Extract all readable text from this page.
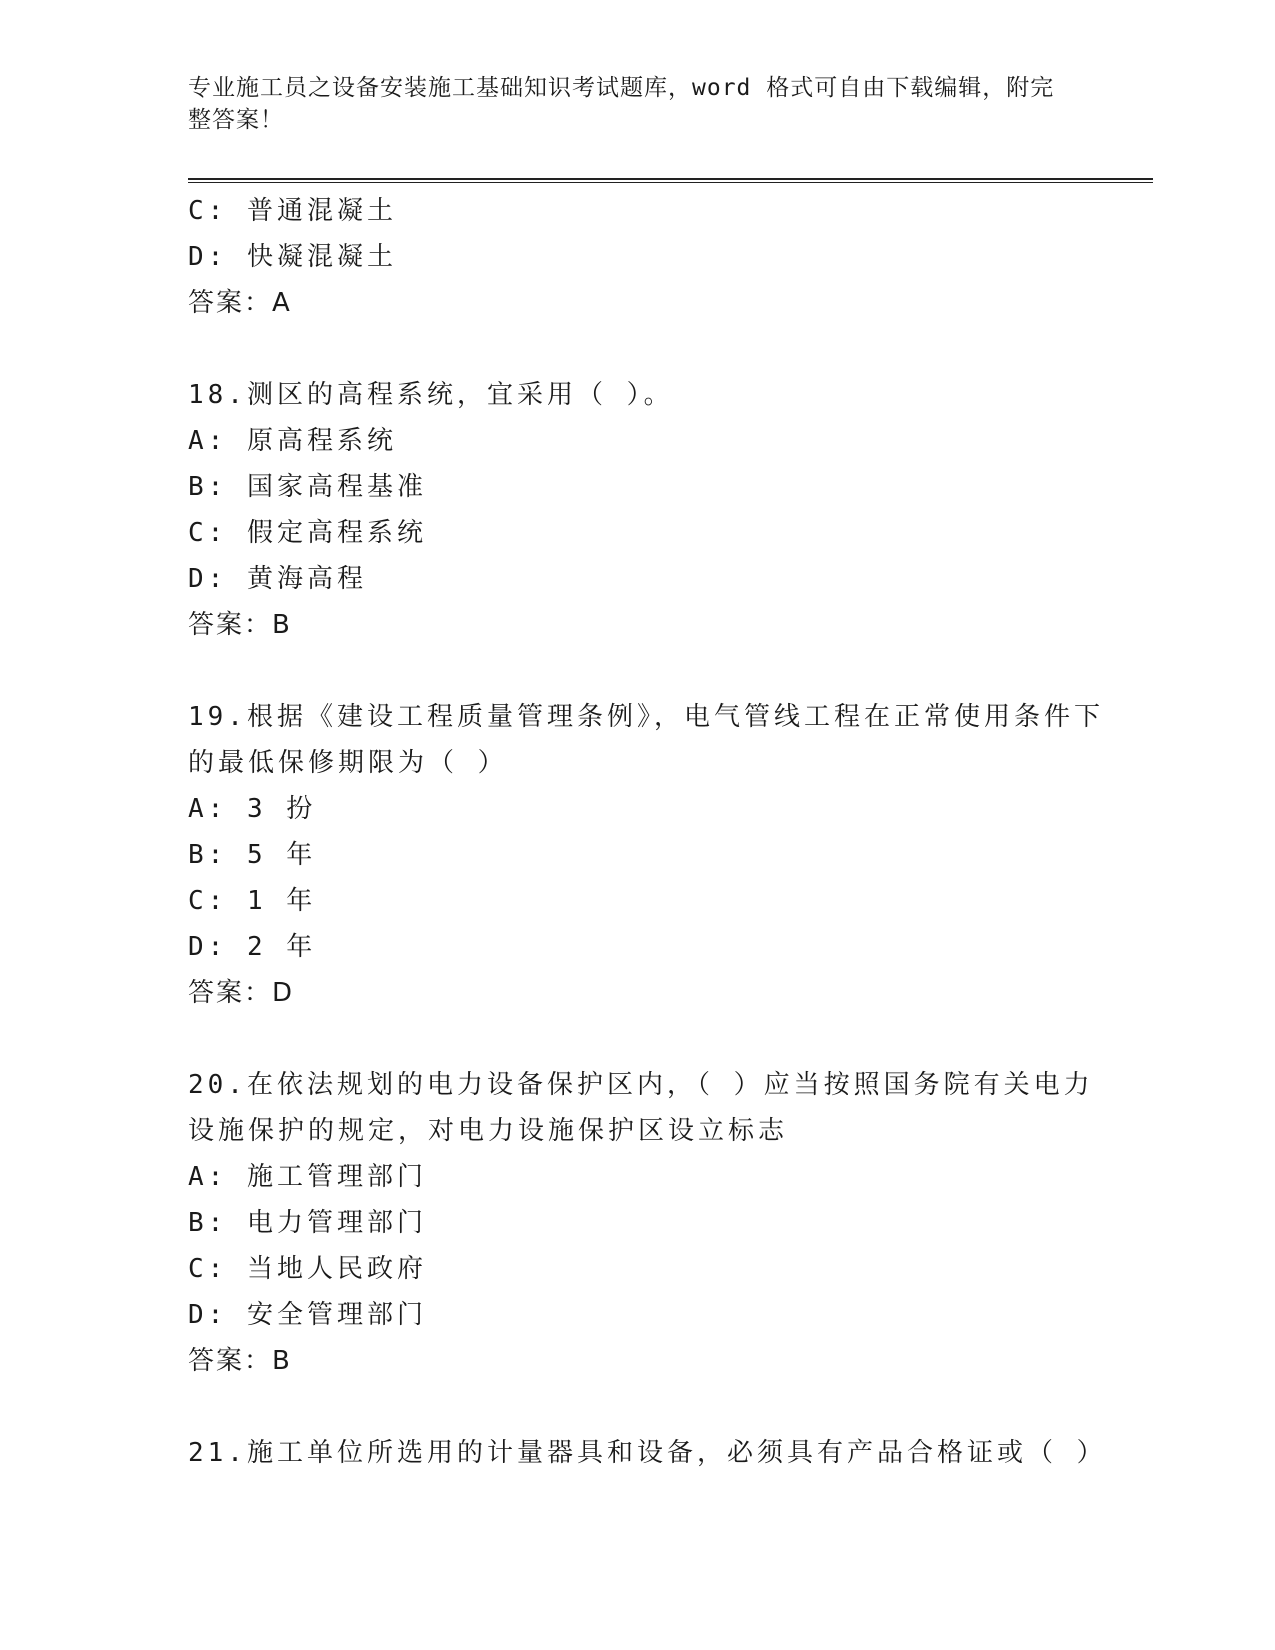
专业施工员之设备安装施工基础知识考试题库，word 格式可自由下载编辑，附完
整答案！
C: 普通混凝土
D: 快凝混凝土
答案：A
18.测区的高程系统，宜采用（ ）。
A: 原高程系统
B: 国家高程基准
C: 假定高程系统
D: 黄海高程
答案：B
19.根据《建设工程质量管理条例》，电气管线工程在正常使用条件下
的最低保修期限为（ ）
A: 3 扮
B: 5 年
C: 1 年
D: 2 年
答案：D
20.在依法规划的电力设备保护区内，（ ）应当按照国务院有关电力
设施保护的规定，对电力设施保护区设立标志
A: 施工管理部门
B: 电力管理部门
C: 当地人民政府
D: 安全管理部门
答案：B
21.施工单位所选用的计量器具和设备，必须具有产品合格证或（ ）
